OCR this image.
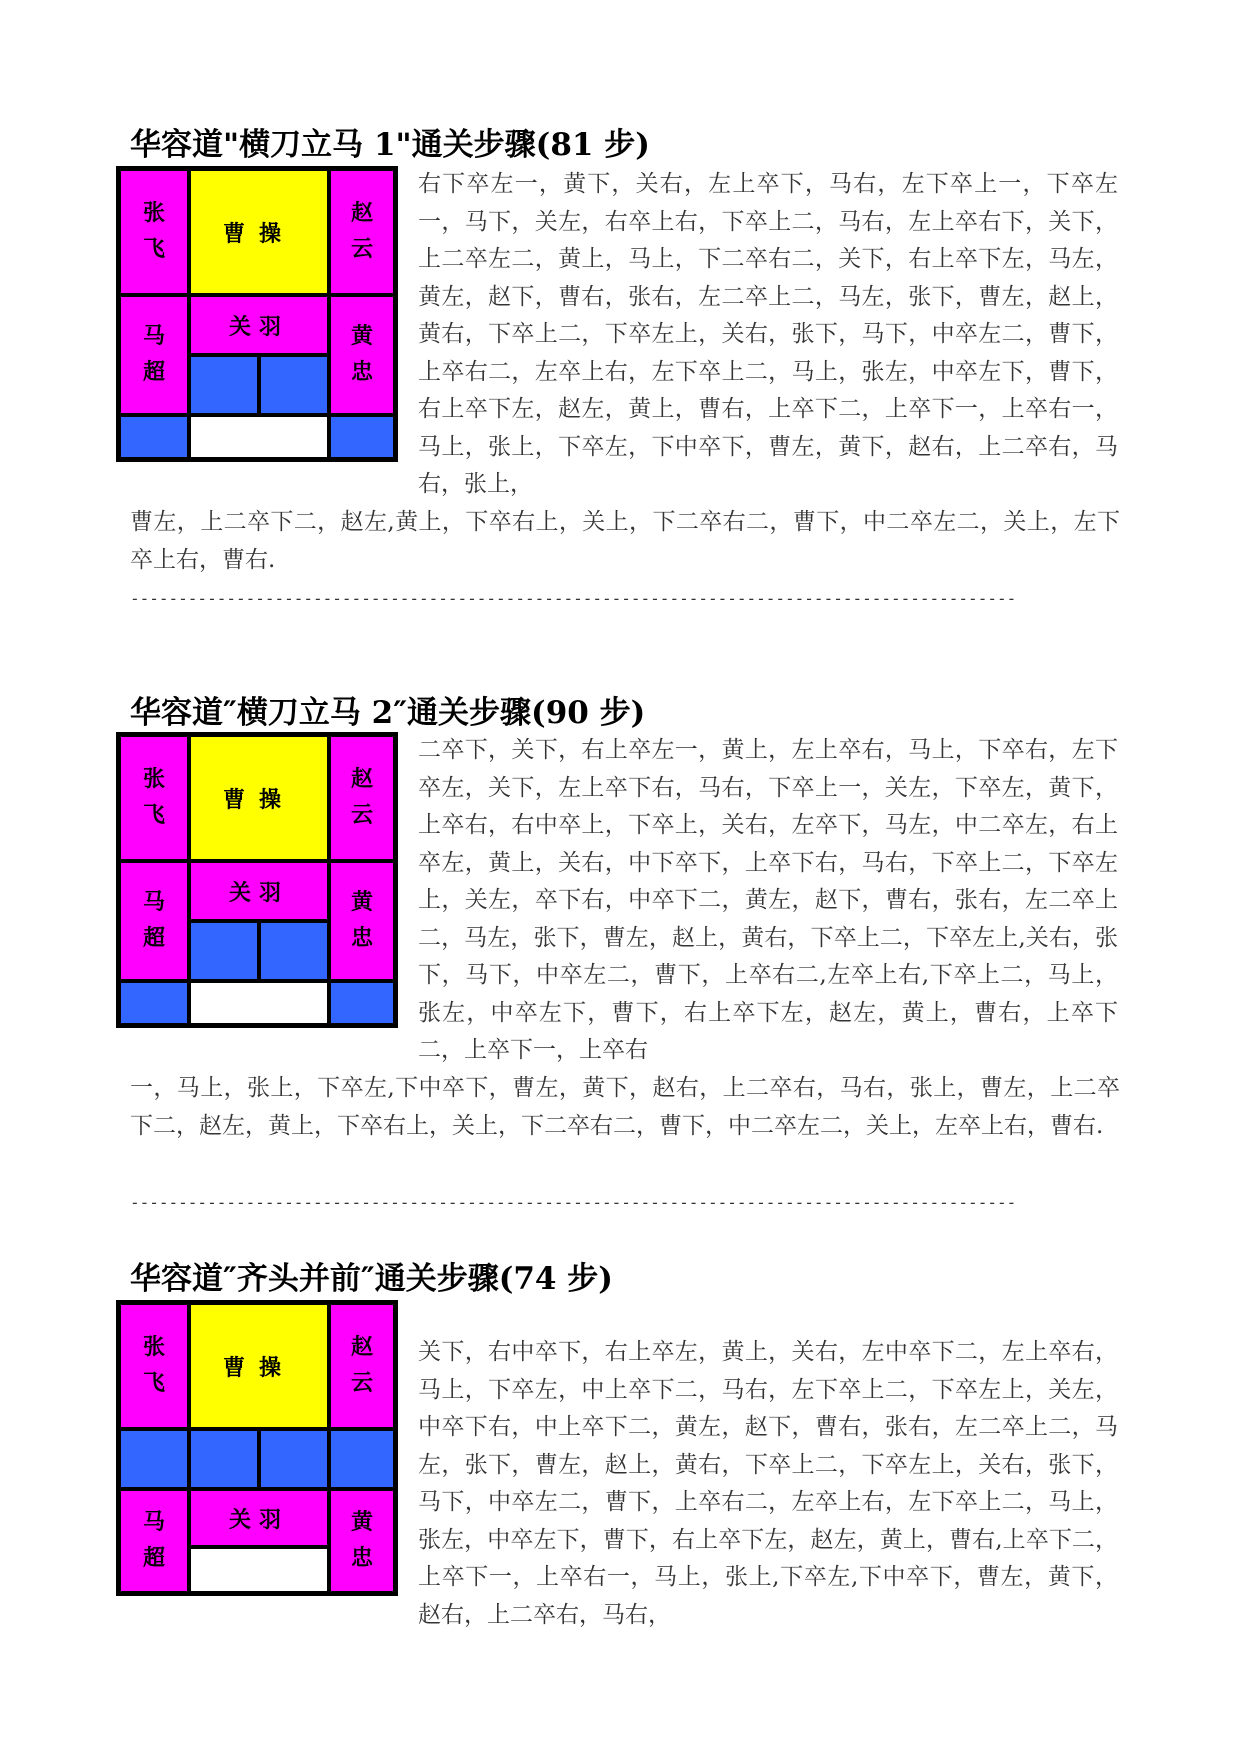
华容道"横刀立马 1"通关步骤(81 步)
张飞
曹操
赵云
马超
关羽	黄忠
右下卒左一，黄下，关右，左上卒下，马右，左下卒上一，下卒左一，马下，关左，右卒上右，下卒上二，马右，左上卒右下，关下，上二卒左二，黄上，马上，下二卒右二，关下，右上卒下左，马左，黄左，赵下，曹右，张右，左二卒上二，马左，张下，曹左，赵上，黄右，下卒上二，下卒左上，关右，张下，马下，中卒左二，曹下，上卒右二，左卒上右，左下卒上二，马上，张左，中卒左下，曹下，右上卒下左，赵左，黄上，曹右，上卒下二，上卒下一，上卒右一，马上，张上，下卒左，下中卒下，曹左，黄下，赵右，上二卒右，马右，张上，
曹左，上二卒下二，赵左,黄上，下卒右上，关上，下二卒右二，曹下，中二卒左二，关上，左下卒上右，曹右.
--------------------------------------------------------------------------------------------
华容道″横刀立马 2″通关步骤(90 步)
张飞
曹操
赵云
马超
关羽	黄忠
二卒下，关下，右上卒左一，黄上，左上卒右，马上，下卒右，左下卒左，关下，左上卒下右，马右，下卒上一，关左，下卒左，黄下，上卒右，右中卒上，下卒上，关右，左卒下，马左，中二卒左，右上卒左，黄上，关右，中下卒下，上卒下右，马右，下卒上二，下卒左上，关左，卒下右，中卒下二，黄左，赵下，曹右，张右，左二卒上二，马左，张下，曹左，赵上，黄右，下卒上二，下卒左上,关右，张下，马下，中卒左二，曹下，上卒右二,左卒上右,下卒上二，马上，张左，中卒左下，曹下，右上卒下左，赵左，黄上，曹右，上卒下二，上卒下一，上卒右
一，马上，张上，下卒左,下中卒下，曹左，黄下，赵右，上二卒右，马右，张上，曹左，上二卒下二，赵左，黄上，下卒右上，关上，下二卒右二，曹下，中二卒左二，关上，左卒上右，曹右.
--------------------------------------------------------------------------------------------
华容道″齐头并前″通关步骤(74 步)
张飞
曹操
赵云
马超
关羽	黄忠
关下，右中卒下，右上卒左，黄上，关右，左中卒下二，左上卒右，马上，下卒左，中上卒下二，马右，左下卒上二，下卒左上，关左，中卒下右，中上卒下二，黄左，赵下，曹右，张右，左二卒上二，马左，张下，曹左，赵上，黄右，下卒上二，下卒左上，关右，张下，马下，中卒左二，曹下，上卒右二，左卒上右，左下卒上二，马上，张左，中卒左下，曹下，右上卒下左，赵左，黄上，曹右,上卒下二，上卒下一，上卒右一，马上，张上,下卒左,下中卒下，曹左，黄下，赵右，上二卒右，马右，
